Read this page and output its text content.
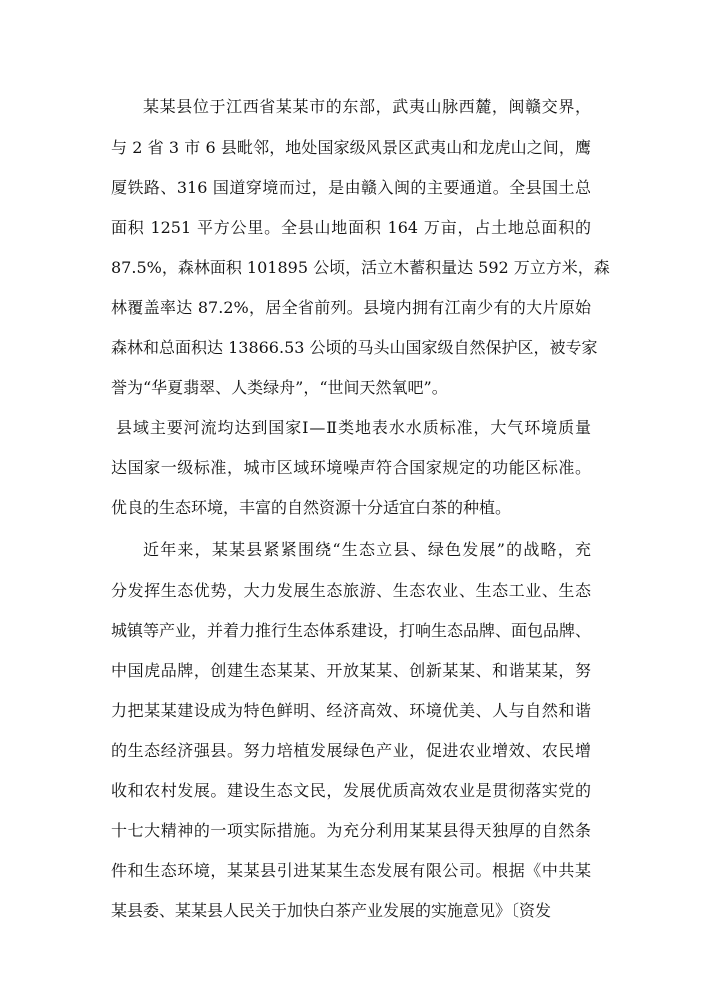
某某县位于江西省某某市的东部，武夷山脉西麓，闽赣交界，
与 2 省 3 市 6 县毗邻，地处国家级风景区武夷山和龙虎山之间，鹰
厦铁路、316 国道穿境而过，是由赣入闽的主要通道。全县国土总
面积 1251 平方公里。全县山地面积 164 万亩，占土地总面积的
87.5%，森林面积 101895 公顷，活立木蓄积量达 592 万立方米，森
林覆盖率达 87.2%，居全省前列。县境内拥有江南少有的大片原始
森林和总面积达 13866.53 公顷的马头山国家级自然保护区，被专家
誉为“华夏翡翠、人类绿舟”，“世间天然氧吧”。
县域主要河流均达到国家Ⅰ—Ⅱ类地表水水质标准，大气环境质量
达国家一级标准，城市区域环境噪声符合国家规定的功能区标准。
优良的生态环境，丰富的自然资源十分适宜白茶的种植。
近年来，某某县紧紧围绕“生态立县、绿色发展”的战略，充
分发挥生态优势，大力发展生态旅游、生态农业、生态工业、生态
城镇等产业，并着力推行生态体系建设，打响生态品牌、面包品牌、
中国虎品牌，创建生态某某、开放某某、创新某某、和谐某某，努
力把某某建设成为特色鲜明、经济高效、环境优美、人与自然和谐
的生态经济强县。努力培植发展绿色产业，促进农业增效、农民增
收和农村发展。建设生态文民，发展优质高效农业是贯彻落实党的
十七大精神的一项实际措施。为充分利用某某县得天独厚的自然条
件和生态环境，某某县引进某某生态发展有限公司。根据《中共某
某县委、某某县人民关于加快白茶产业发展的实施意见》〔资发
